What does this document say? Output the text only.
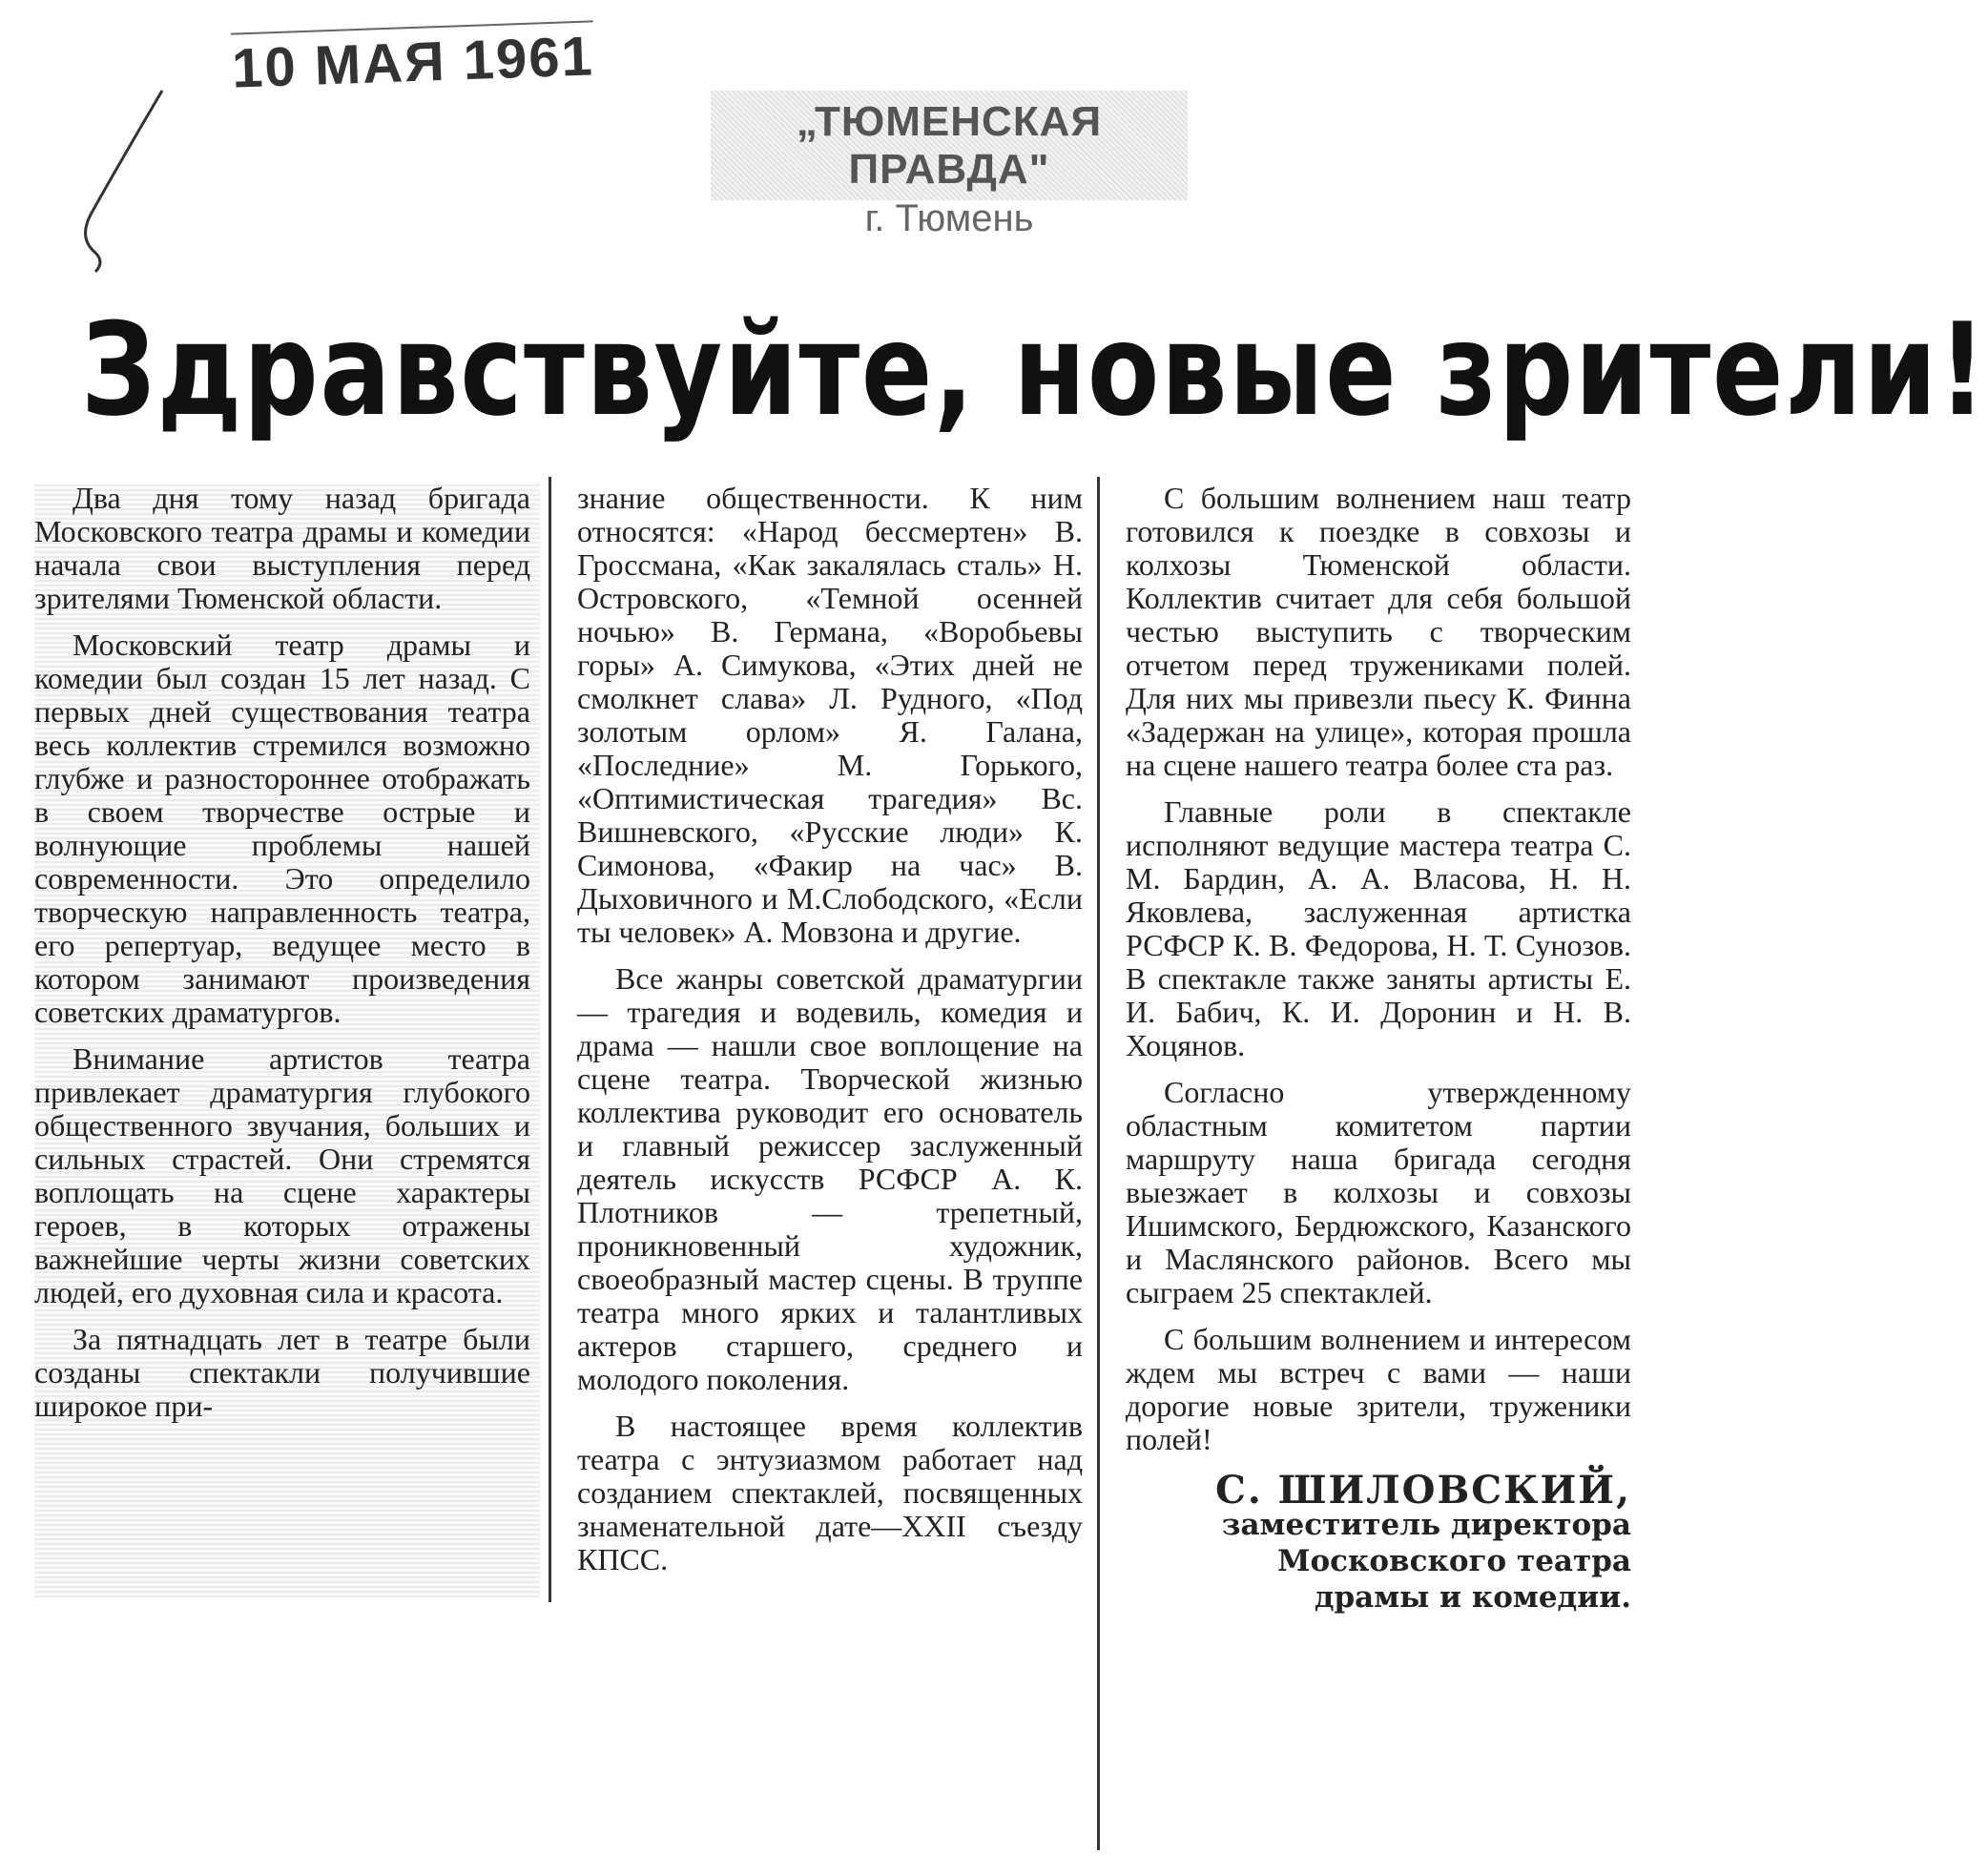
10 МАЯ 1961
„ТЮМЕНСКАЯ ПРАВДА"
г. Тюмень
Здравствуйте, новые зрители!

Два дня тому назад бригада Московского театра драмы и комедии начала свои выступления перед зрителями Тюменской области.

Московский театр драмы и комедии был создан 15 лет назад. С первых дней существования театра весь коллектив стремился возможно глубже и разностороннее отображать в своем творчестве острые и волнующие проблемы нашей современности. Это определило творческую направленность театра, его репертуар, ведущее место в котором занимают произведения советских драматургов.

Внимание артистов театра привлекает драматургия глубокого общественного звучания, больших и сильных страстей. Они стремятся воплощать на сцене характеры героев, в которых отражены важнейшие черты жизни советских людей, его духовная сила и красота.

За пятнадцать лет в театре были созданы спектакли получившие широкое при-

знание общественности. К ним относятся: «Народ бессмертен» В. Гроссмана, «Как закалялась сталь» Н. Островского, «Темной осенней ночью» В. Германа, «Воробьевы горы» А. Симукова, «Этих дней не смолкнет слава» Л. Рудного, «Под золотым орлом» Я. Галана, «Последние» М. Горького, «Оптимистическая трагедия» Вс. Вишневского, «Русские люди» К. Симонова, «Факир на час» В. Дыховичного и М.Слободского, «Если ты человек» А. Мовзона и другие.

Все жанры советской драматургии — трагедия и водевиль, комедия и драма — нашли свое воплощение на сцене театра. Творческой жизнью коллектива руководит его основатель и главный режиссер заслуженный деятель искусств РСФСР А. К. Плотников — трепетный, проникновенный художник, своеобразный мастер сцены. В труппе театра много ярких и талантливых актеров старшего, среднего и молодого поколения.

В настоящее время коллектив театра с энтузиазмом работает над созданием спектаклей, посвященных знаменательной дате—XXII съезду КПСС.

С большим волнением наш театр готовился к поездке в совхозы и колхозы Тюменской области. Коллектив считает для себя большой честью выступить с творческим отчетом перед тружениками полей. Для них мы привезли пьесу К. Финна «Задержан на улице», которая прошла на сцене нашего театра более ста раз.

Главные роли в спектакле исполняют ведущие мастера театра С. М. Бардин, А. А. Власова, Н. Н. Яковлева, заслуженная артистка РСФСР К. В. Федорова, Н. Т. Сунозов. В спектакле также заняты артисты Е. И. Бабич, К. И. Доронин и Н. В. Хоцянов.

Согласно утвержденному областным комитетом партии маршруту наша бригада сегодня выезжает в колхозы и совхозы Ишимского, Бердюжского, Казанского и Маслянского районов. Всего мы сыграем 25 спектаклей.

С большим волнением и интересом ждем мы встреч с вами — наши дорогие новые зрители, труженики полей!

С. ШИЛОВСКИЙ,
заместитель директора
Московского театра
драмы и комедии.
